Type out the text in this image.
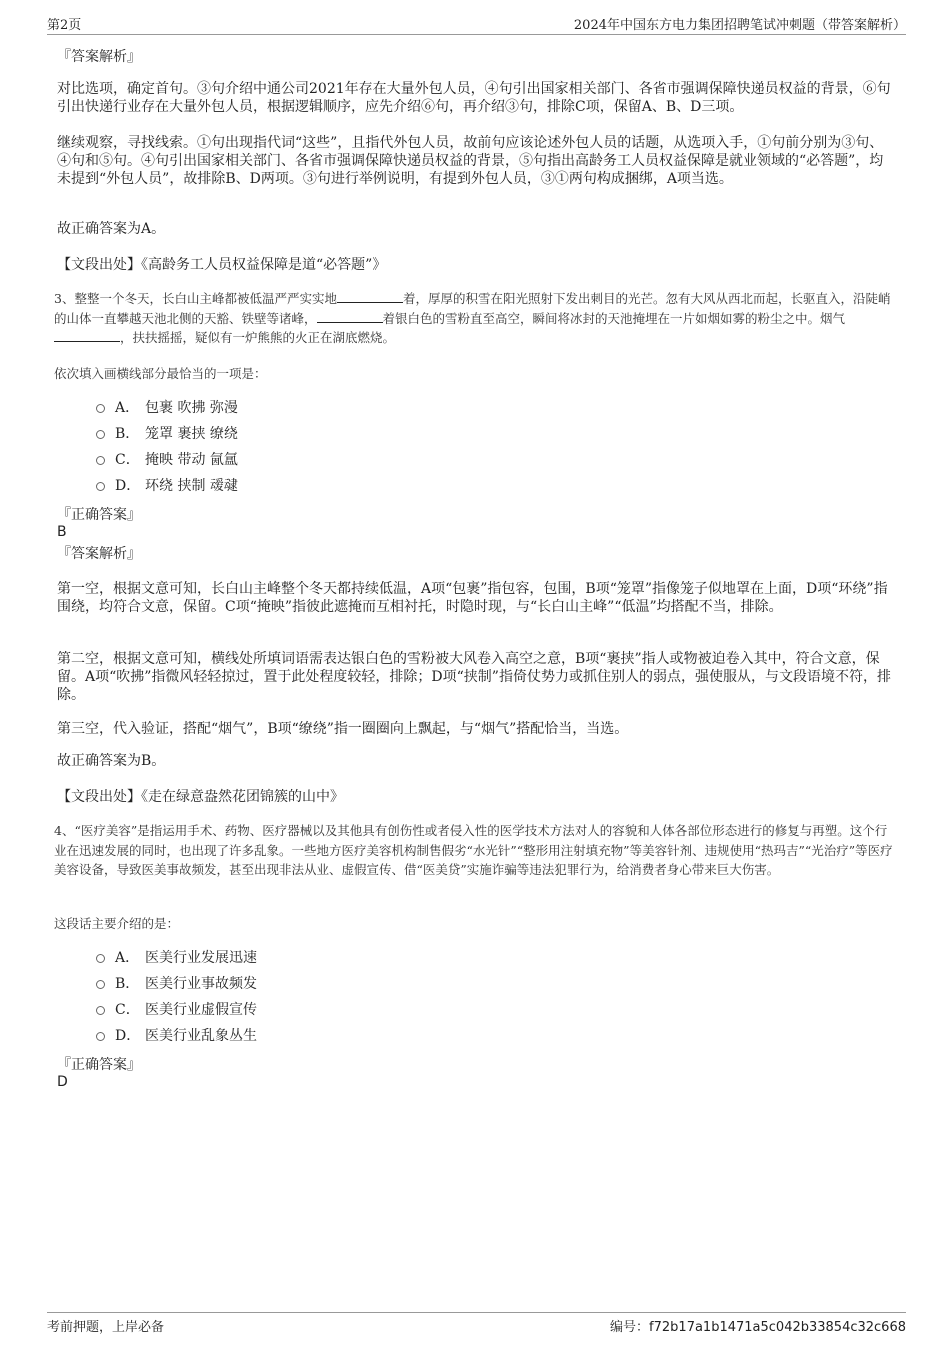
第2页	2024年中国东方电力集团招聘笔试冲刺题（带答案解析）
『答案解析』

对比选项，确定首句。③句介绍中通公司2021年存在大量外包人员，④句引出国家相关部门、各省市强调保障快递员权益的背景，⑥句引出快递行业存在大量外包人员，根据逻辑顺序，应先介绍⑥句，再介绍③句，排除C项，保留A、B、D三项。

继续观察，寻找线索。①句出现指代词“这些”，且指代外包人员，故前句应该论述外包人员的话题，从选项入手，①句前分别为③句、④句和⑤句。④句引出国家相关部门、各省市强调保障快递员权益的背景，⑤句指出高龄务工人员权益保障是就业领域的“必答题”，均未提到“外包人员”，故排除B、D两项。③句进行举例说明，有提到外包人员，③①两句构成捆绑，A项当选。

故正确答案为A。

【文段出处】《高龄务工人员权益保障是道“必答题”》

3、整整一个冬天，长白山主峰都被低温严严实实地	着，厚厚的积雪在阳光照射下发出刺目的光芒。忽有大风从西北而起，长驱直入，沿陡峭的山体一直攀越天池北侧的天豁、铁壁等诸峰，	着银白色的雪粉直至高空，瞬间将冰封的天池掩埋在一片如烟如雾的粉尘之中。烟气，扶扶摇摇，疑似有一炉熊熊的火正在湖底燃烧。

依次填入画横线部分最恰当的一项是：

A． 包裹 吹拂 弥漫
B． 笼罩 裹挟 缭绕
C． 掩映 带动 氤氲
D． 环绕 挟制 叆叇
『正确答案』
B
『答案解析』

第一空，根据文意可知，长白山主峰整个冬天都持续低温，A项“包裹”指包容，包围，B项“笼罩”指像笼子似地罩在上面，D项“环绕”指围绕，均符合文意，保留。C项“掩映”指彼此遮掩而互相衬托，时隐时现，与“长白山主峰”“低温”均搭配不当，排除。

第二空，根据文意可知，横线处所填词语需表达银白色的雪粉被大风卷入高空之意，B项“裹挟”指人或物被迫卷入其中，符合文意，保留。A项“吹拂”指微风轻轻掠过，置于此处程度较轻，排除；D项“挟制”指倚仗势力或抓住别人的弱点，强使服从，与文段语境不符，排除。

第三空，代入验证，搭配“烟气”，B项“缭绕”指一圈圈向上飘起，与“烟气”搭配恰当，当选。

故正确答案为B。

【文段出处】《走在绿意盎然花团锦簇的山中》

4、“医疗美容”是指运用手术、药物、医疗器械以及其他具有创伤性或者侵入性的医学技术方法对人的容貌和人体各部位形态进行的修复与再塑。这个行业在迅速发展的同时，也出现了许多乱象。一些地方医疗美容机构制售假劣“水光针”“整形用注射填充物”等美容针剂、违规使用“热玛吉”“光治疗”等医疗美容设备，导致医美事故频发，甚至出现非法从业、虚假宣传、借“医美贷”实施诈骗等违法犯罪行为，给消费者身心带来巨大伤害。

这段话主要介绍的是：

A． 医美行业发展迅速
B． 医美行业事故频发
C． 医美行业虚假宣传
D． 医美行业乱象丛生
『正确答案』
D
考前押题，上岸必备	编号：f72b17a1b1471a5c042b33854c32c668
